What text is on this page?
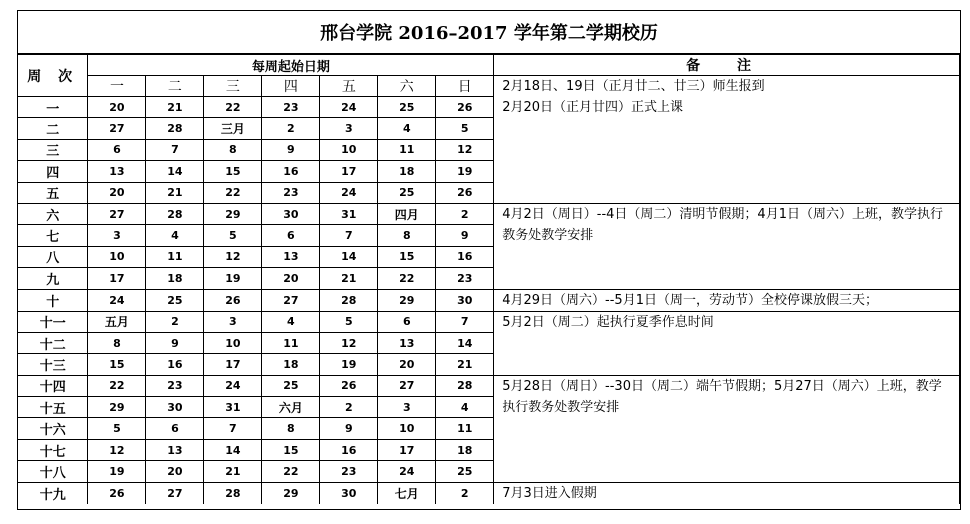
邢台学院 2016–2017 学年第二学期校历
周 次	每周起始日期							备 注
	一	二	三	四	五	六	日	2月18日、19日（正月廿二、廿三）师生报到
2月20日（正月廿四）正式上课

一	20	21	22	23	24	25	26	
二	27	28	三月	2	3	4	5	
三	6	7	8	9	10	11	12	
四	13	14	15	16	17	18	19	
五	20	21	22	23	24	25	26	
六	27	28	29	30	31	四月	2	4月2日（周日）--4日（周二）清明节假期；4月1日（周六）上班，教学执行教务处教学安排

七	3	4	5	6	7	8	9	
八	10	11	12	13	14	15	16	
九	17	18	19	20	21	22	23	
十	24	25	26	27	28	29	30	4月29日（周六）--5月1日（周一，劳动节）全校停课放假三天；

十一	五月	2	3	4	5	6	7	5月2日（周二）起执行夏季作息时间

十二	8	9	10	11	12	13	14	
十三	15	16	17	18	19	20	21	
十四	22	23	24	25	26	27	28	5月28日（周日）--30日（周二）端午节假期；5月27日（周六）上班，教学执行教务处教学安排

十五	29	30	31	六月	2	3	4	
十六	5	6	7	8	9	10	11	
十七	12	13	14	15	16	17	18	
十八	19	20	21	22	23	24	25	
十九	26	27	28	29	30	七月	2	7月3日进入假期
